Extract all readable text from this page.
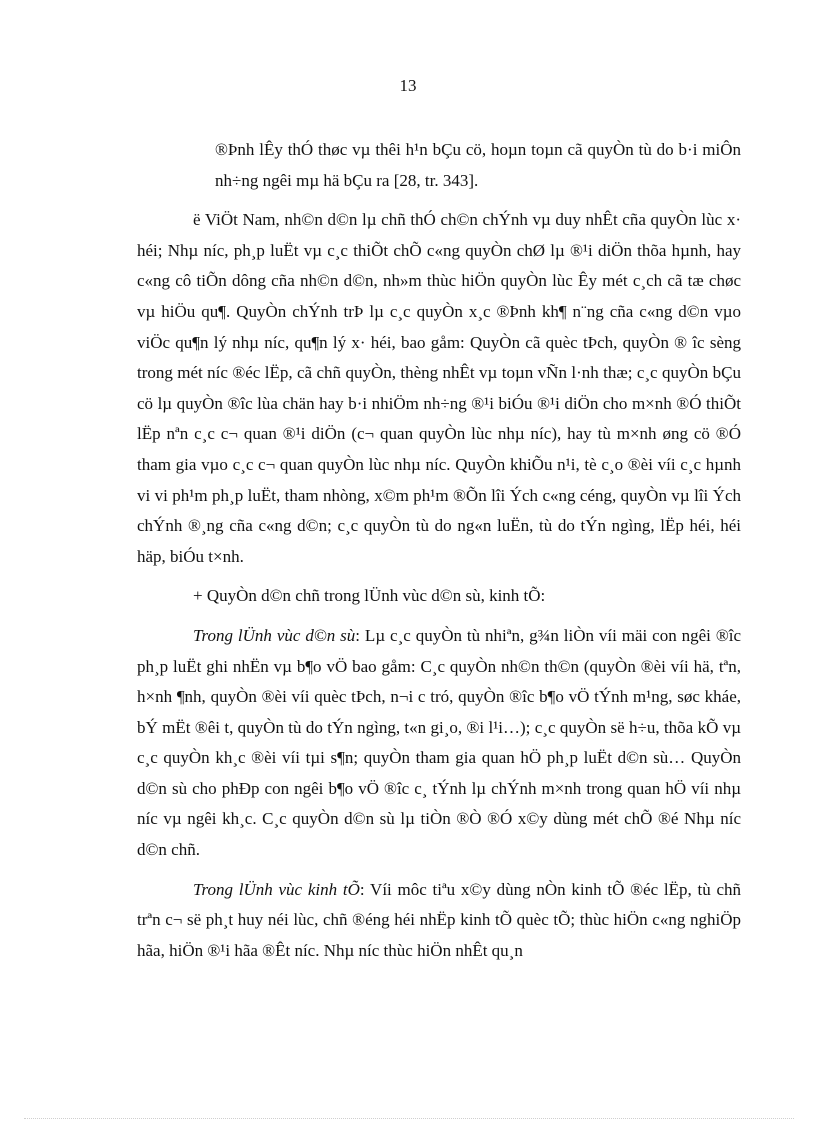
13

®Þnh lÊy thÓ thøc vµ thêi h¹n bÇu cö, hoµn toµn cã quyÒn tù do b·i miÔn nh÷ng ngêi mµ hä bÇu ra [28, tr. 343].

ë ViÖt Nam, nh©n d©n lµ chñ thÓ ch©n chÝnh vµ duy nhÊt cña quyÒn lùc x· héi; Nhµ níc, ph¸p luËt vµ c¸c thiÕt chÕ c«ng quyÒn chØ lµ ®¹i diÖn thõa hµnh, hay c«ng cô tiÕn dông cña nh©n d©n, nh»m thùc hiÖn quyÒn lùc Êy mét c¸ch cã tæ chøc vµ hiÖu qu¶. QuyÒn chÝnh trÞ lµ c¸c quyÒn x¸c ®Þnh kh¶ n¨ng cña c«ng d©n vµo viÖc qu¶n lý nhµ níc, qu¶n lý x· héi, bao gåm: QuyÒn cã quèc tÞch, quyÒn ® îc sèng trong mét níc ®éc lËp, cã chñ quyÒn, thèng nhÊt vµ toµn vÑn l·nh thæ; c¸c quyÒn bÇu cö lµ quyÒn ®îc lùa chän hay b·i nhiÖm nh÷ng ®¹i biÓu ®¹i diÖn cho m×nh ®Ó thiÕt lËp nªn c¸c c¬ quan ®¹i diÖn (c¬ quan quyÒn lùc nhµ níc), hay tù m×nh øng cö ®Ó tham gia vµo c¸c c¬ quan quyÒn lùc nhµ níc. QuyÒn khiÕu n¹i, tè c¸o ®èi víi c¸c hµnh vi vi ph¹m ph¸p luËt, tham nhòng, x©m ph¹m ®Õn lîi Ých c«ng céng, quyÒn vµ lîi Ých chÝnh ®¸ng cña c«ng d©n; c¸c quyÒn tù do ng«n luËn, tù do tÝn ngìng, lËp héi, héi häp, biÓu t×nh.

+ QuyÒn d©n chñ trong lÜnh vùc d©n sù, kinh tÕ:

Trong lÜnh vùc d©n sù: Lµ c¸c quyÒn tù nhiªn, g¾n liÒn víi mäi con ngêi ®îc ph¸p luËt ghi nhËn vµ b¶o vÖ bao gåm: C¸c quyÒn nh©n th©n (quyÒn ®èi víi hä, tªn, h×nh ¶nh, quyÒn ®èi víi quèc tÞch, n¬i c tró, quyÒn ®îc b¶o vÖ tÝnh m¹ng, søc kháe, bÝ mËt ®êi t, quyÒn tù do tÝn ngìng, t«n gi¸o, ®i l¹i…); c¸c quyÒn së h÷u, thõa kÕ vµ c¸c quyÒn kh¸c ®èi víi tµi s¶n; quyÒn tham gia quan hÖ ph¸p luËt d©n sù… QuyÒn d©n sù cho phÐp con ngêi b¶o vÖ ®îc c¸ tÝnh lµ chÝnh m×nh trong quan hÖ víi nhµ níc vµ ngêi kh¸c. C¸c quyÒn d©n sù lµ tiÒn ®Ò ®Ó x©y dùng mét chÕ ®é Nhµ níc d©n chñ.

Trong lÜnh vùc kinh tÕ: Víi môc tiªu x©y dùng nÒn kinh tÕ ®éc lËp, tù chñ trªn c¬ së ph¸t huy néi lùc, chñ ®éng héi nhËp kinh tÕ quèc tÕ; thùc hiÖn c«ng nghiÖp hãa, hiÖn ®¹i hãa ®Êt níc. Nhµ níc thùc hiÖn nhÊt qu¸n
